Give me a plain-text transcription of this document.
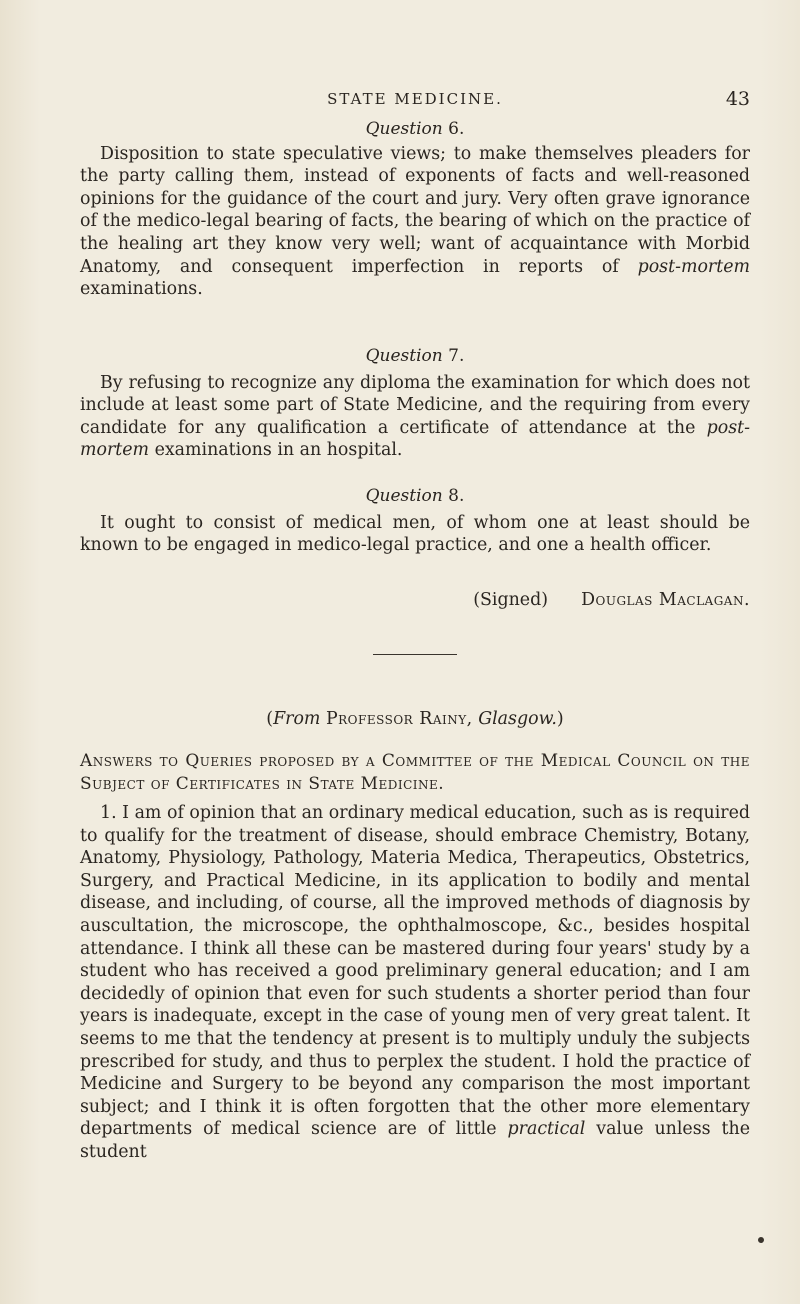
STATE MEDICINE.	43

Question 6.

Disposition to state speculative views; to make themselves pleaders for the party calling them, instead of exponents of facts and well-reasoned opinions for the guidance of the court and jury. Very often grave ignorance of the medico-legal bearing of facts, the bearing of which on the practice of the healing art they know very well; want of acquaintance with Morbid Anatomy, and consequent imperfection in reports of post-mortem examinations.

Question 7.

By refusing to recognize any diploma the examination for which does not include at least some part of State Medicine, and the requiring from every candidate for any qualification a certificate of attendance at the post-mortem examinations in an hospital.

Question 8.

It ought to consist of medical men, of whom one at least should be known to be engaged in medico-legal practice, and one a health officer.

(Signed) Douglas Maclagan.
(From Professor Rainy, Glasgow.)
Answers to Queries proposed by a Committee of the Medical Council on the Subject of Certificates in State Medicine.

1. I am of opinion that an ordinary medical education, such as is required to qualify for the treatment of disease, should embrace Chemistry, Botany, Anatomy, Physiology, Pathology, Materia Medica, Therapeutics, Obstetrics, Surgery, and Practical Medicine, in its application to bodily and mental disease, and including, of course, all the improved methods of diagnosis by auscultation, the microscope, the ophthalmoscope, &c., besides hospital attendance. I think all these can be mastered during four years' study by a student who has received a good preliminary general education; and I am decidedly of opinion that even for such students a shorter period than four years is inadequate, except in the case of young men of very great talent. It seems to me that the tendency at present is to multiply unduly the subjects prescribed for study, and thus to perplex the student. I hold the practice of Medicine and Surgery to be beyond any comparison the most important subject; and I think it is often forgotten that the other more elementary departments of medical science are of little practical value unless the student
